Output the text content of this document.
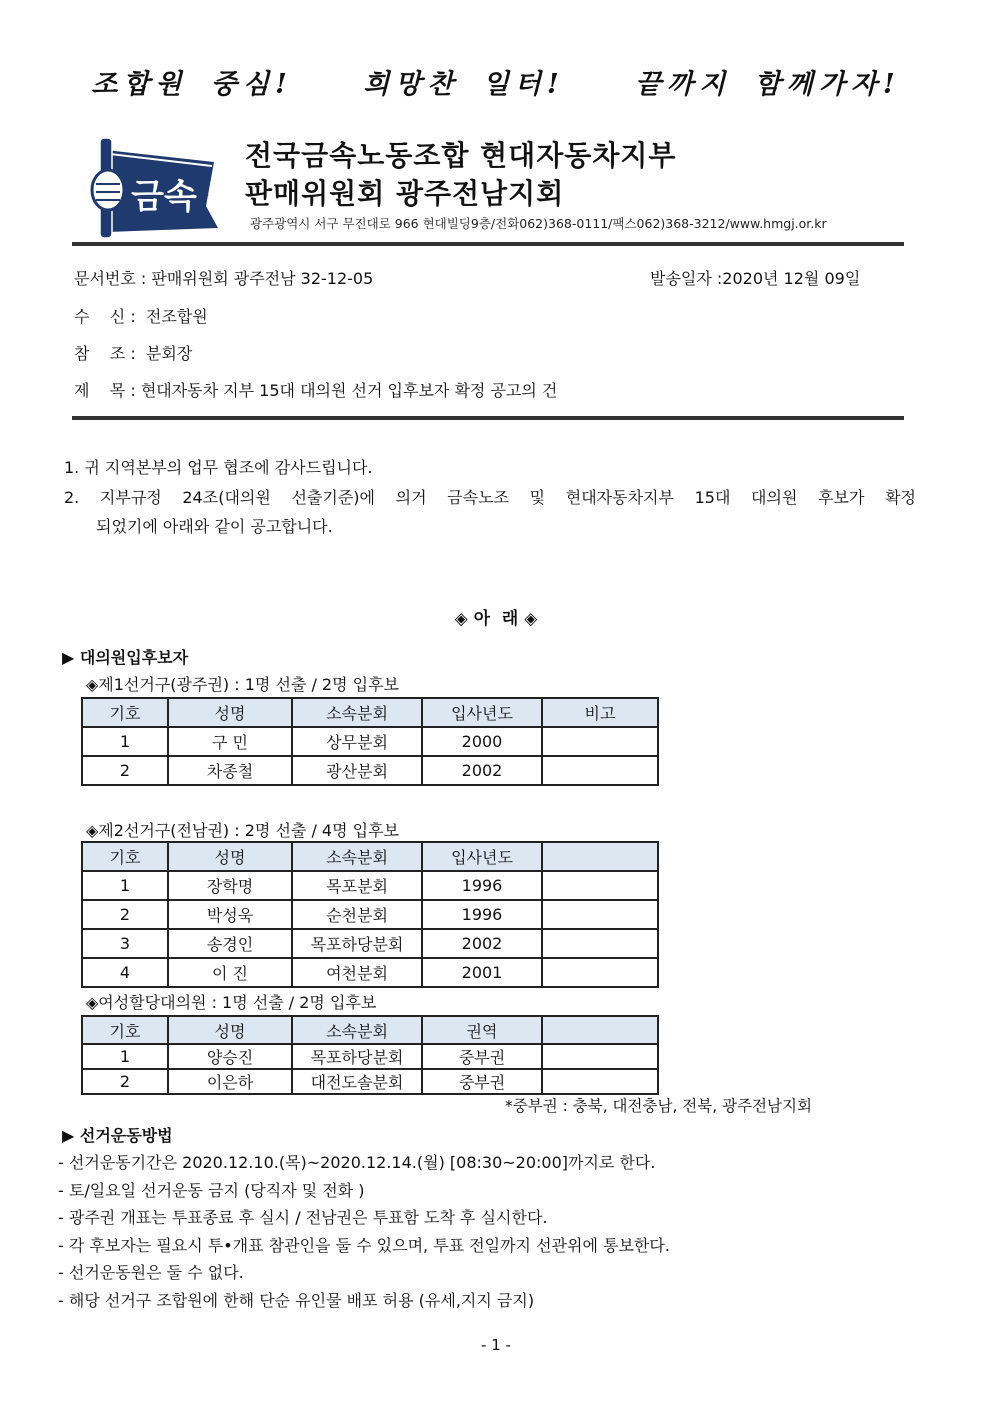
조합원 중심!   희망찬 일터!   끝까지 함께가자!
금속
전국금속노동조합 현대자동차지부
판매위원회 광주전남지회
광주광역시 서구 무진대로 966 현대빌딩9층/전화062)368-0111/팩스062)368-3212/www.hmgj.or.kr
문서번호 : 판매위원회 광주전남 32-12-05	발송일자 :2020년 12월 09일
수    신 :  전조합원
참    조 :  분회장
제    목 : 현대자동차 지부 15대 대의원 선거 입후보자 확정 공고의 건
1. 귀 지역본부의 업무 협조에 감사드립니다.
2. 지부규정 24조(대의원 선출기준)에 의거 금속노조 및 현대자동차지부 15대 대의원 후보가 확정
되었기에 아래와 같이 공고합니다.
◈ 아  래 ◈
▶ 대의원입후보자
◈제1선거구(광주권) : 1명 선출 / 2명 입후보
기호	성명	소속분회	입사년도	비고
1	구 민	상무분회	2000	
2	차종철	광산분회	2002	
◈제2선거구(전남권) : 2명 선출 / 4명 입후보
기호	성명	소속분회	입사년도	
1	장학명	목포분회	1996	
2	박성욱	순천분회	1996	
3	송경인	목포하당분회	2002	
4	이 진	여천분회	2001	
◈여성할당대의원 : 1명 선출 / 2명 입후보
기호	성명	소속분회	권역	
1	양승진	목포하당분회	중부권	
2	이은하	대전도솔분회	중부권	
*중부권 : 충북, 대전충남, 전북, 광주전남지회
▶ 선거운동방법
- 선거운동기간은 2020.12.10.(목)~2020.12.14.(월) [08:30~20:00]까지로 한다.
- 토/일요일 선거운동 금지 (당직자 및 전화 )
- 광주권 개표는 투표종료 후 실시 / 전남권은 투표함 도착 후 실시한다.
- 각 후보자는 필요시 투•개표 참관인을 둘 수 있으며, 투표 전일까지 선관위에 통보한다.
- 선거운동원은 둘 수 없다.
- 해당 선거구 조합원에 한해 단순 유인물 배포 허용 (유세,지지 금지)
- 1 -
